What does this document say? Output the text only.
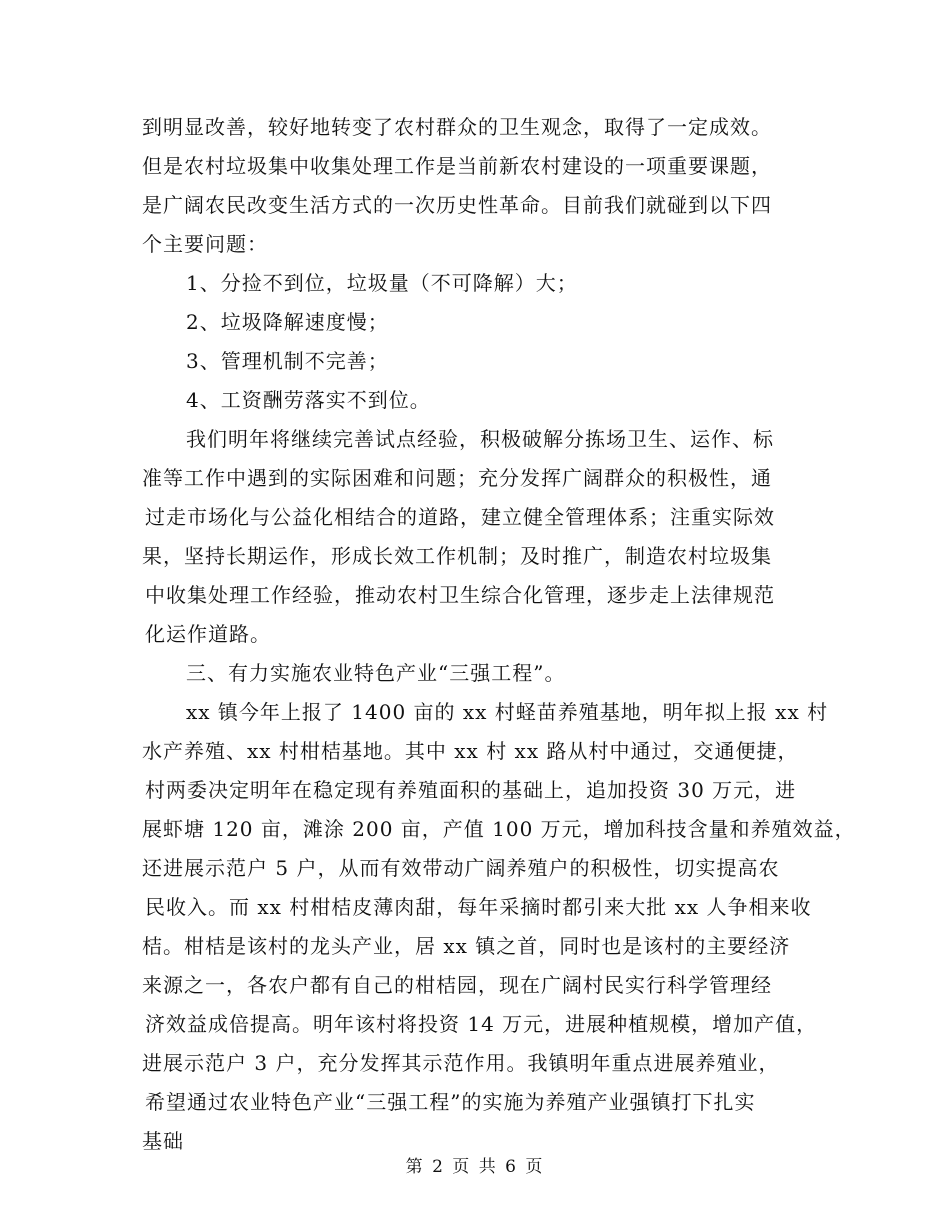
到明显改善，较好地转变了农村群众的卫生观念，取得了一定成效。
但是农村垃圾集中收集处理工作是当前新农村建设的一项重要课题，
是广阔农民改变生活方式的一次历史性革命。目前我们就碰到以下四
个主要问题：
1、分捡不到位，垃圾量（不可降解）大；
2、垃圾降解速度慢；
3、管理机制不完善；
4、工资酬劳落实不到位。
我们明年将继续完善试点经验，积极破解分拣场卫生、运作、标
准等工作中遇到的实际困难和问题；充分发挥广阔群众的积极性，通
过走市场化与公益化相结合的道路，建立健全管理体系；注重实际效
果，坚持长期运作，形成长效工作机制；及时推广，制造农村垃圾集
中收集处理工作经验，推动农村卫生综合化管理，逐步走上法律规范
化运作道路。
三、有力实施农业特色产业“三强工程”。
xx 镇今年上报了 1400 亩的 xx 村蛏苗养殖基地，明年拟上报 xx 村
水产养殖、xx 村柑桔基地。其中 xx 村 xx 路从村中通过，交通便捷，
村两委决定明年在稳定现有养殖面积的基础上，追加投资 30 万元，进
展虾塘 120 亩，滩涂 200 亩，产值 100 万元，增加科技含量和养殖效益，
还进展示范户 5 户，从而有效带动广阔养殖户的积极性，切实提高农
民收入。而 xx 村柑桔皮薄肉甜，每年采摘时都引来大批 xx 人争相来收
桔。柑桔是该村的龙头产业，居 xx 镇之首，同时也是该村的主要经济
来源之一，各农户都有自己的柑桔园，现在广阔村民实行科学管理经
济效益成倍提高。明年该村将投资 14 万元，进展种植规模，增加产值，
进展示范户 3 户，充分发挥其示范作用。我镇明年重点进展养殖业，
希望通过农业特色产业“三强工程”的实施为养殖产业强镇打下扎实
基础
第 2 页 共 6 页
